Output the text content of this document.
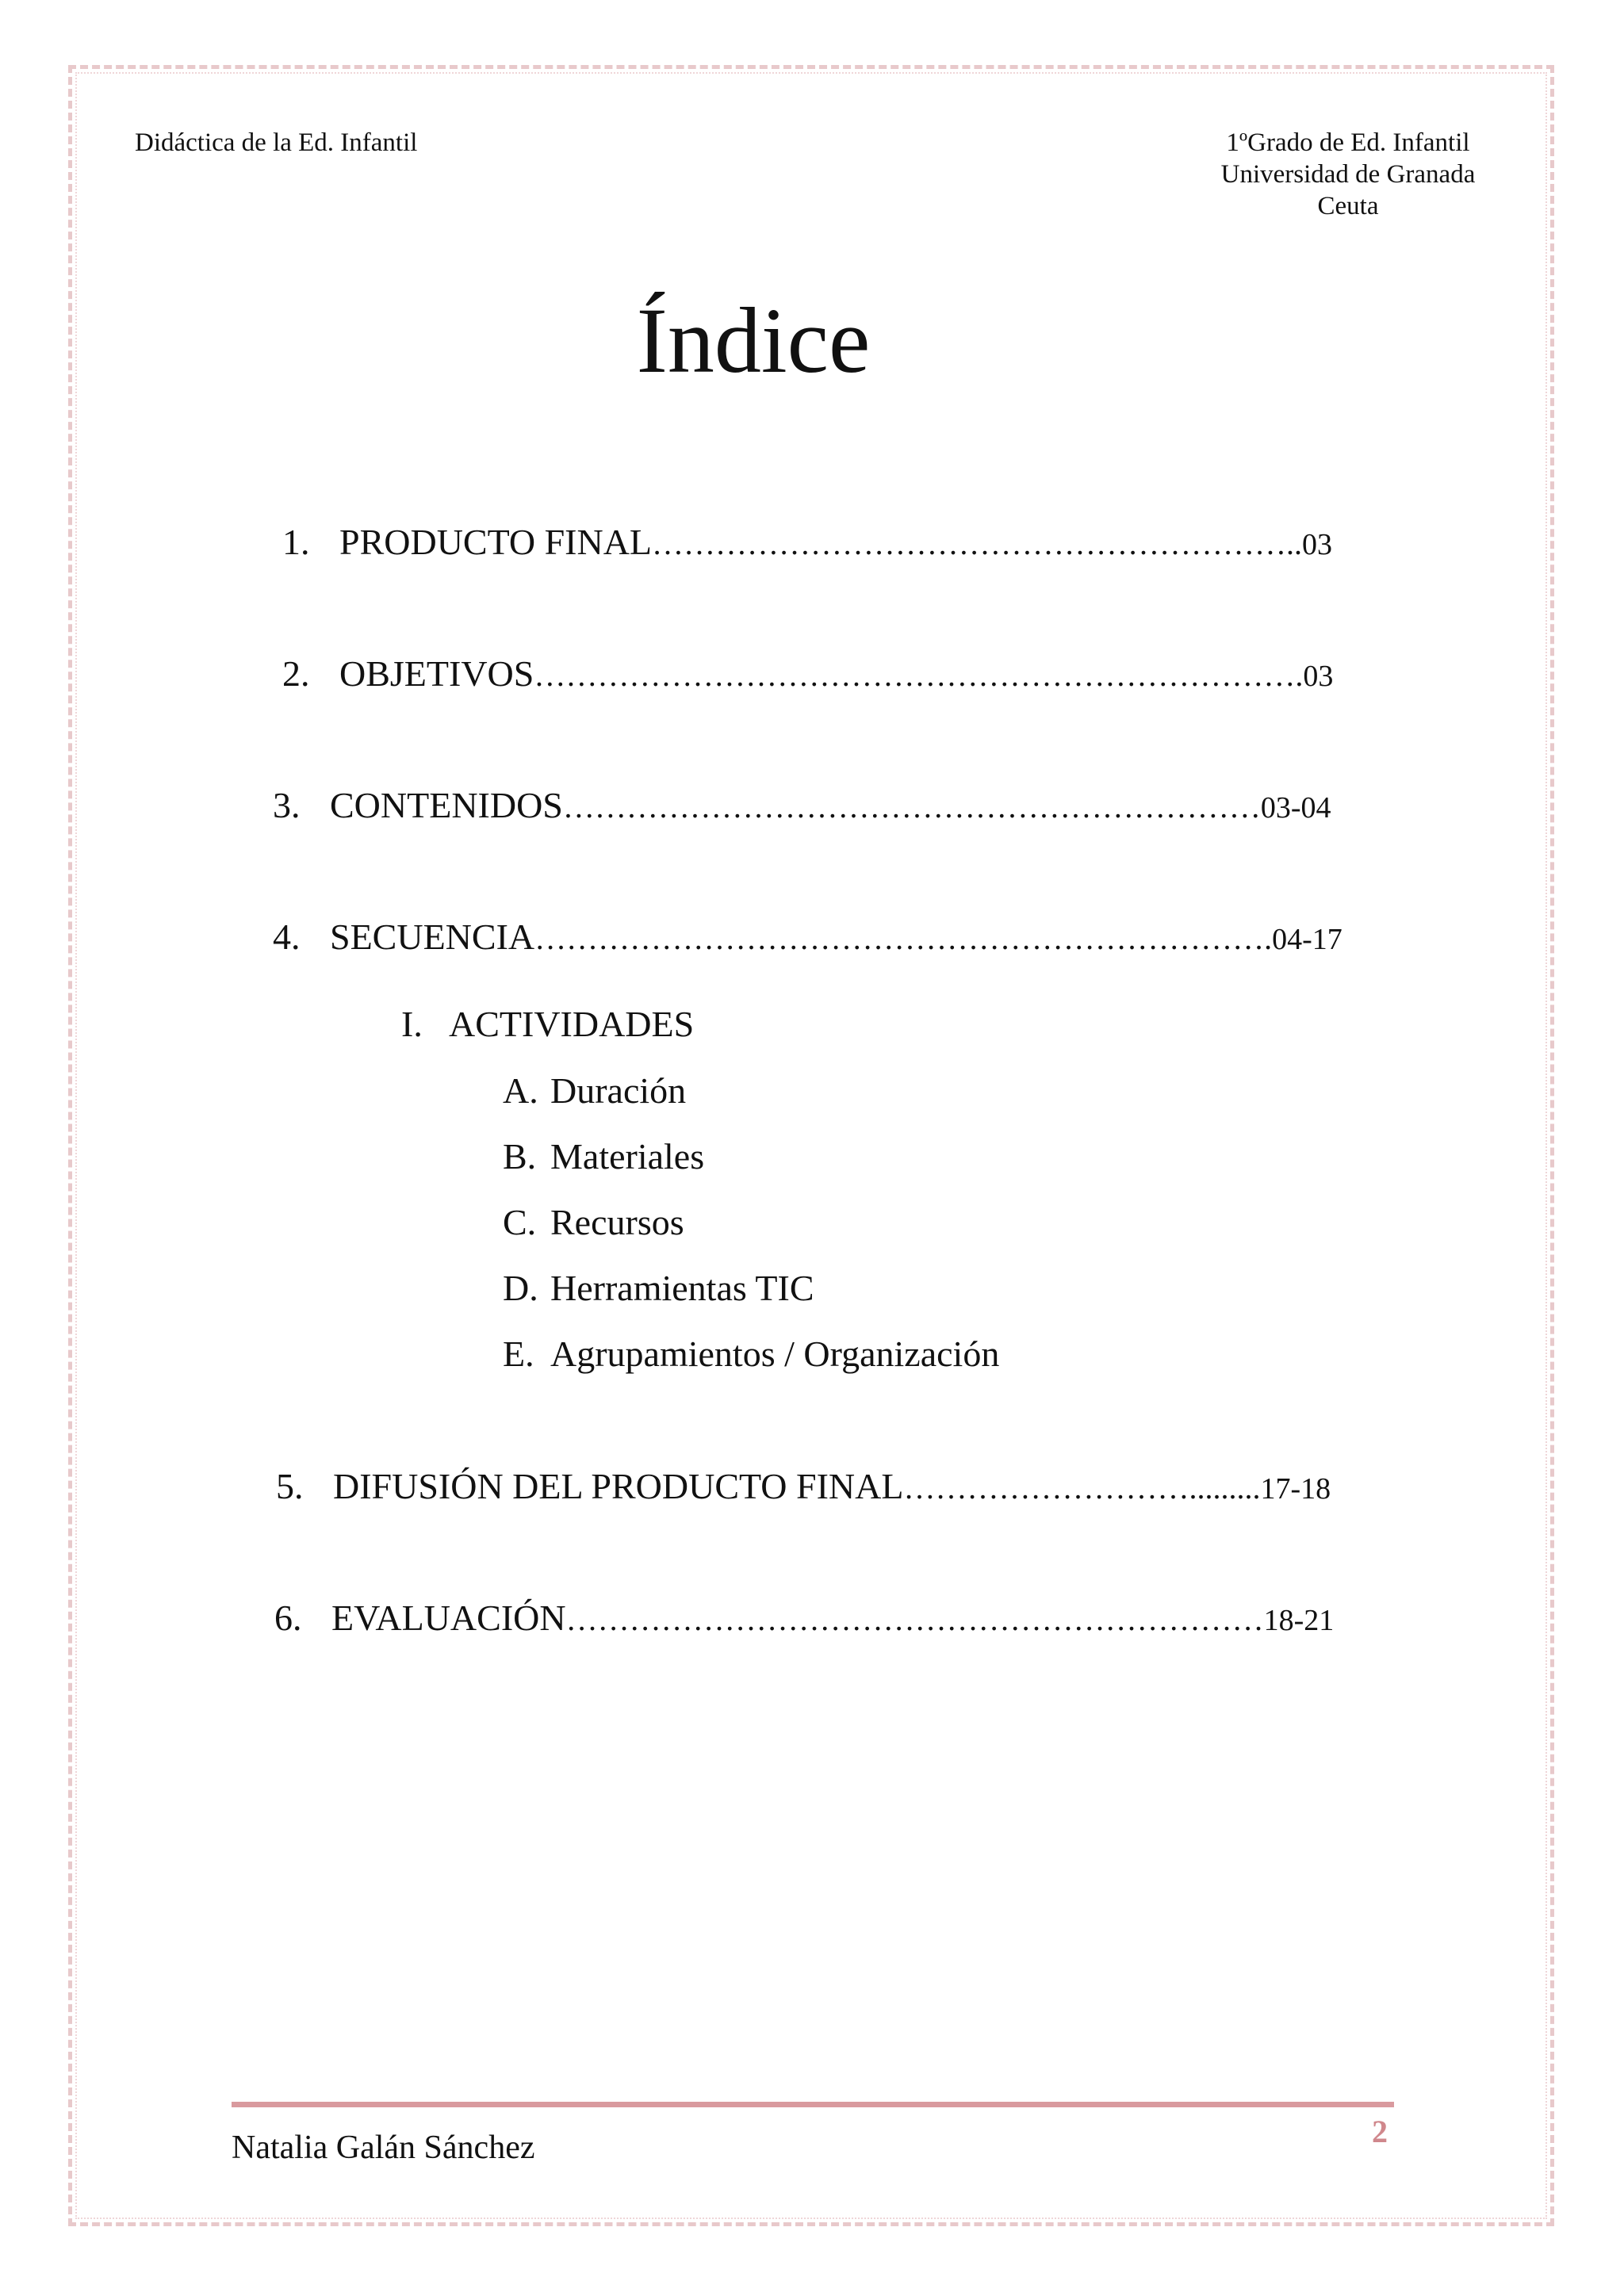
Didáctica de la Ed. Infantil	1ºGrado de Ed. Infantil
Universidad de Granada
Ceuta
Índice
1. PRODUCTO FINAL……………………………………………………..03
2. OBJETIVOS……………………………………………………………….03
3. CONTENIDOS…………………………………………………………03-04
4. SECUENCIA…………………………………………………………….04-17
I. ACTIVIDADES
A. Duración
B. Materiales
C. Recursos
D. Herramientas TIC
E. Agrupamientos / Organización
5. DIFUSIÓN DEL PRODUCTO FINAL……………………….........17-18
6. EVALUACIÓN…………………………………………………………18-21
Natalia Galán Sánchez	2
